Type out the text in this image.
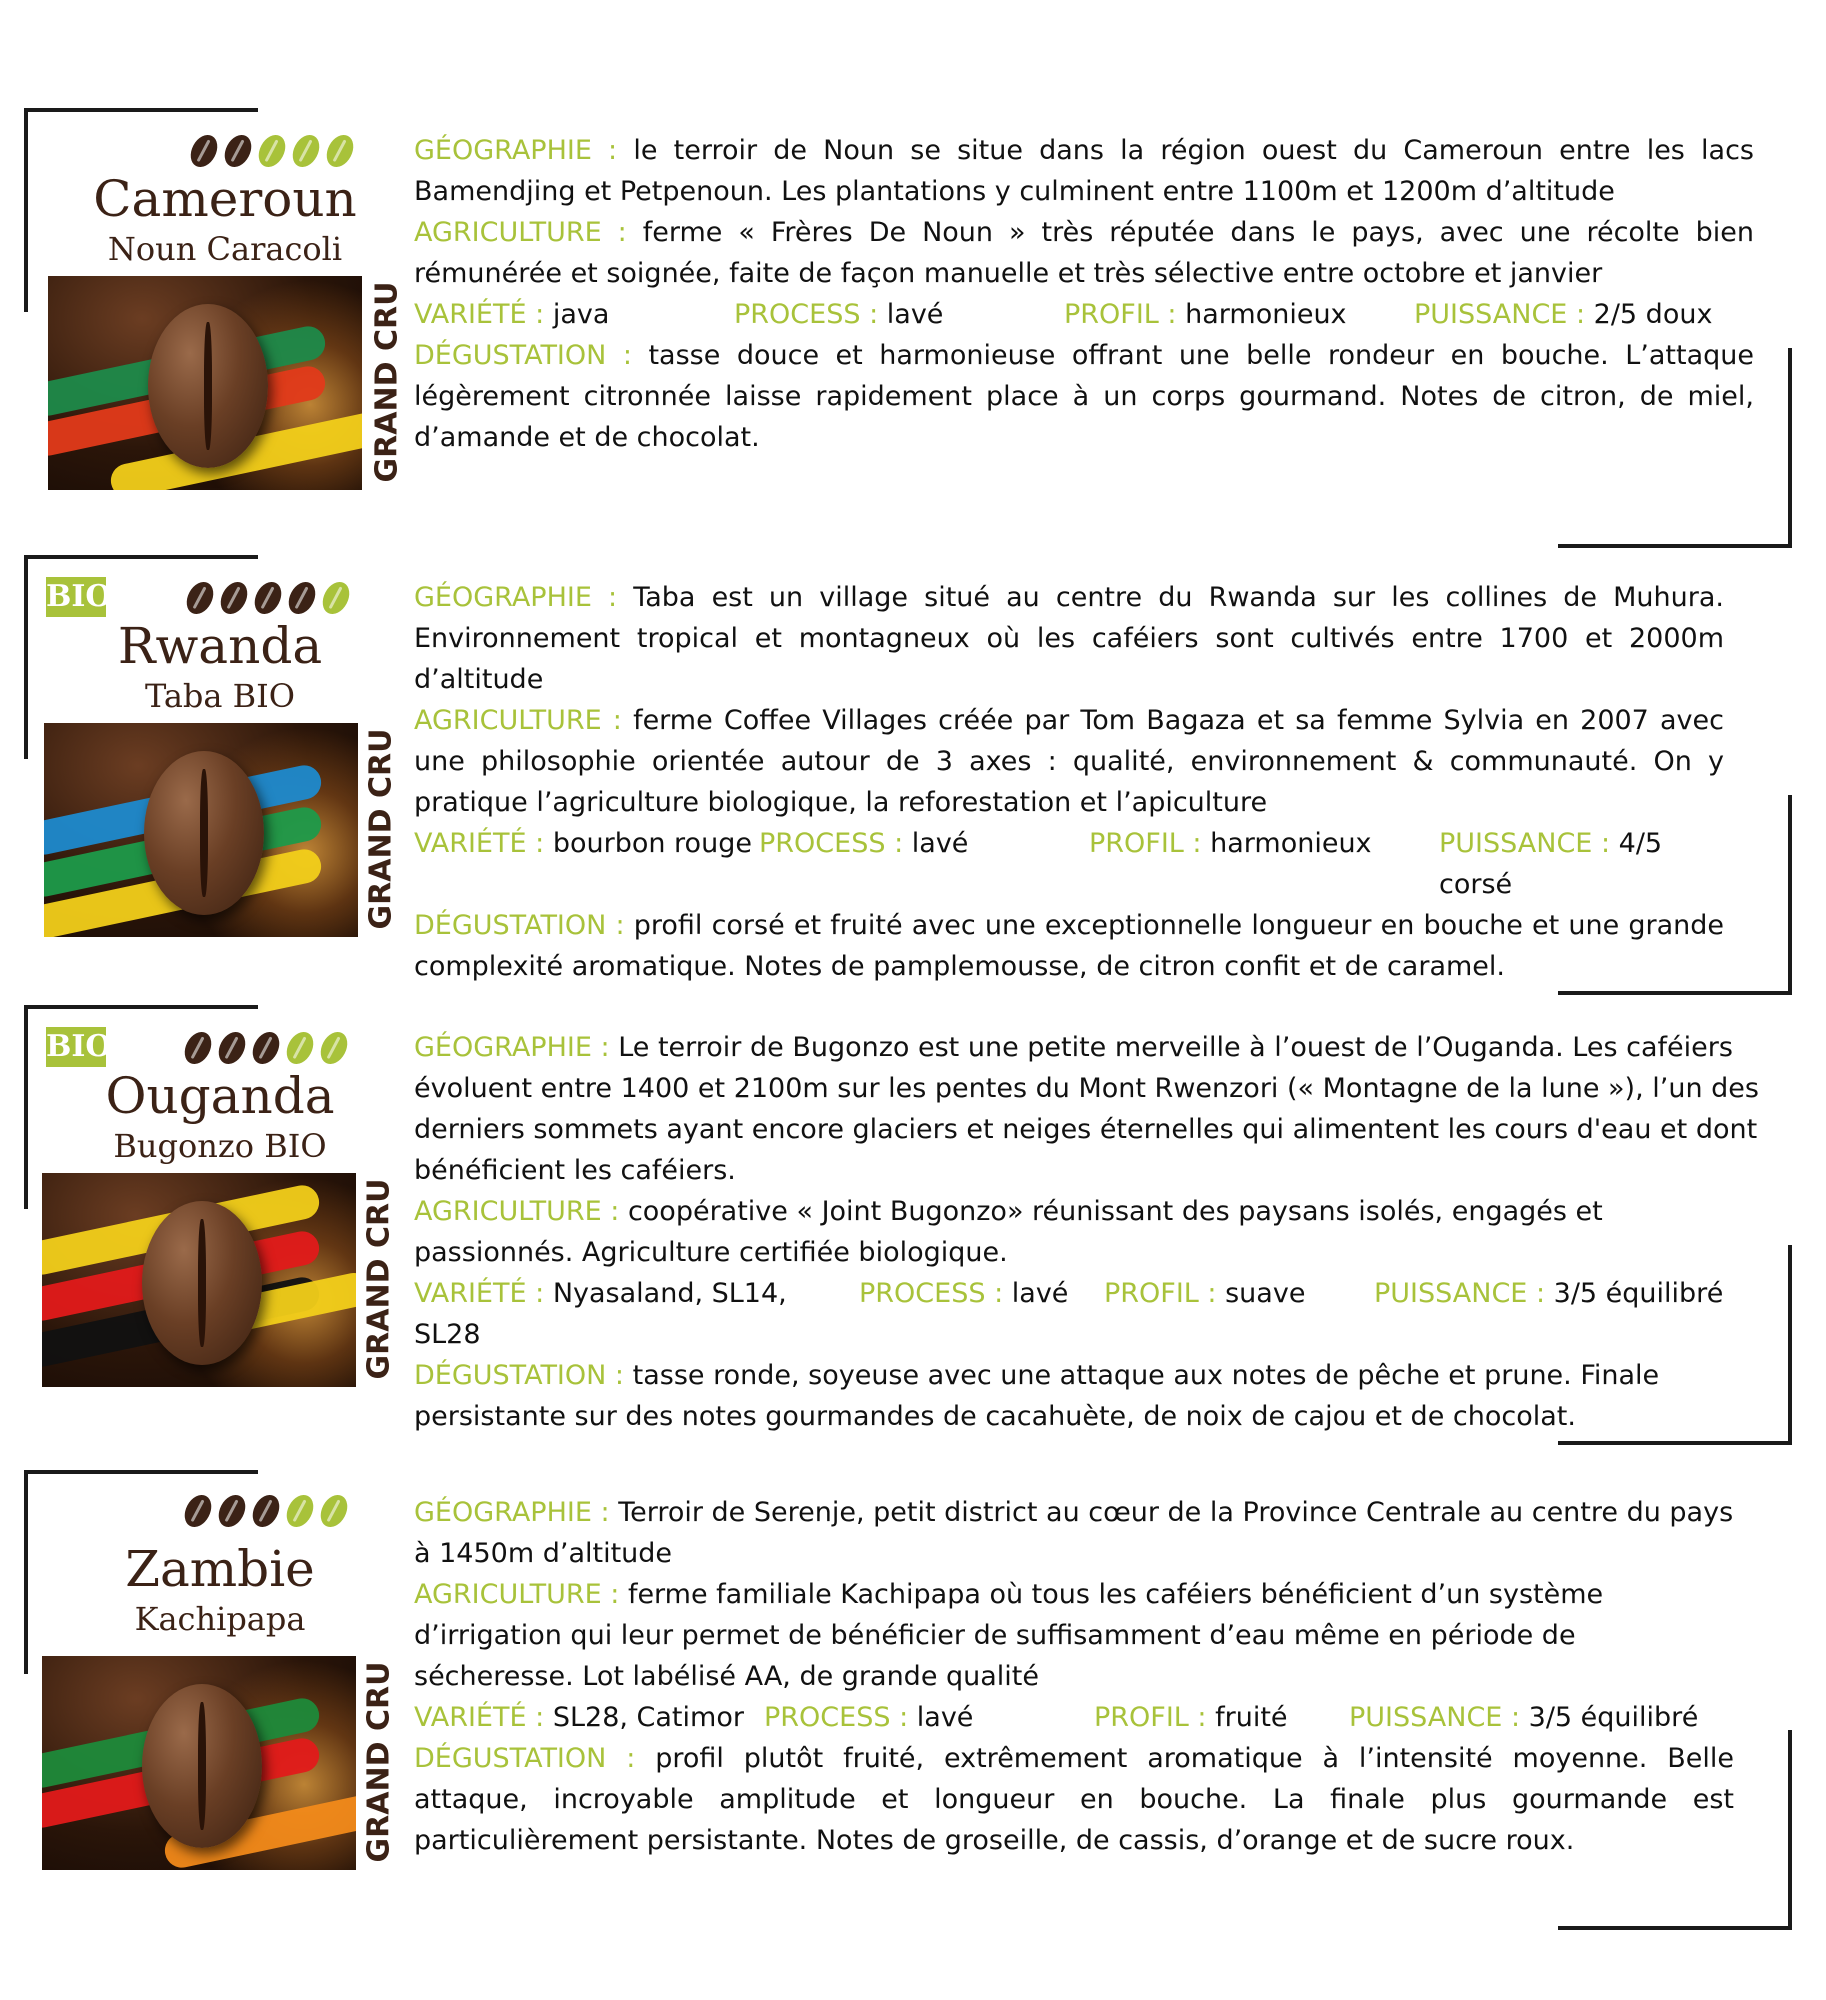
Cameroun
Noun Caracoli
GRAND CRU

GÉOGRAPHIE : le terroir de Noun se situe dans la région ouest du Cameroun entre les lacs Bamendjing et Petpenoun. Les plantations y culminent entre 1100m et 1200m d’altitude

AGRICULTURE : ferme « Frères De Noun » très réputée dans le pays, avec une récolte bien rémunérée et soignée, faite de façon manuelle et très sélective entre octobre et janvier

VARIÉTÉ : java	PROCESS : lavé	PROFIL : harmonieux	PUISSANCE : 2/5 doux

DÉGUSTATION : tasse douce et harmonieuse offrant une belle rondeur en bouche. L’attaque légèrement citronnée laisse rapidement place à un corps gourmand. Notes de citron, de miel, d’amande et de chocolat.

BIO
Rwanda
Taba BIO
GRAND CRU

GÉOGRAPHIE : Taba est un village situé au centre du Rwanda sur les collines de Muhura. Environnement tropical et montagneux où les caféiers sont cultivés entre 1700 et 2000m d’altitude

AGRICULTURE : ferme Coffee Villages créée par Tom Bagaza et sa femme Sylvia en 2007 avec une philosophie orientée autour de 3 axes : qualité, environnement & communauté. On y pratique l’agriculture biologique, la reforestation et l’apiculture

VARIÉTÉ : bourbon rouge PROCESS : lavé	PROFIL : harmonieux	PUISSANCE : 4/5 corsé

DÉGUSTATION : profil corsé et fruité avec une exceptionnelle longueur en bouche et une grande complexité aromatique. Notes de pamplemousse, de citron confit et de caramel.

BIO
Ouganda
Bugonzo BIO
GRAND CRU

GÉOGRAPHIE : Le terroir de Bugonzo est une petite merveille à l’ouest de l’Ouganda. Les caféiers évoluent entre 1400 et 2100m sur les pentes du Mont Rwenzori (« Montagne de la lune »), l’un des derniers sommets ayant encore glaciers et neiges éternelles qui alimentent les cours d'eau et dont bénéficient les caféiers.

AGRICULTURE : coopérative « Joint Bugonzo» réunissant des paysans isolés, engagés et passionnés. Agriculture certifiée biologique.

VARIÉTÉ : Nyasaland, SL14, SL28
PROCESS : lavé	PROFIL : suave	PUISSANCE : 3/5 équilibré

DÉGUSTATION : tasse ronde, soyeuse avec une attaque aux notes de pêche et prune. Finale persistante sur des notes gourmandes de cacahuète, de noix de cajou et de chocolat.

Zambie
Kachipapa
GRAND CRU

GÉOGRAPHIE : Terroir de Serenje, petit district au cœur de la Province Centrale au centre du pays à 1450m d’altitude

AGRICULTURE : ferme familiale Kachipapa où tous les caféiers bénéficient d’un système d’irrigation qui leur permet de bénéficier de suffisamment d’eau même en période de sécheresse. Lot labélisé AA, de grande qualité

VARIÉTÉ : SL28, Catimor PROCESS : lavé	PROFIL : fruité	PUISSANCE : 3/5 équilibré

DÉGUSTATION : profil plutôt fruité, extrêmement aromatique à l’intensité moyenne. Belle attaque, incroyable amplitude et longueur en bouche. La finale plus gourmande est particulièrement persistante. Notes de groseille, de cassis, d’orange et de sucre roux.
